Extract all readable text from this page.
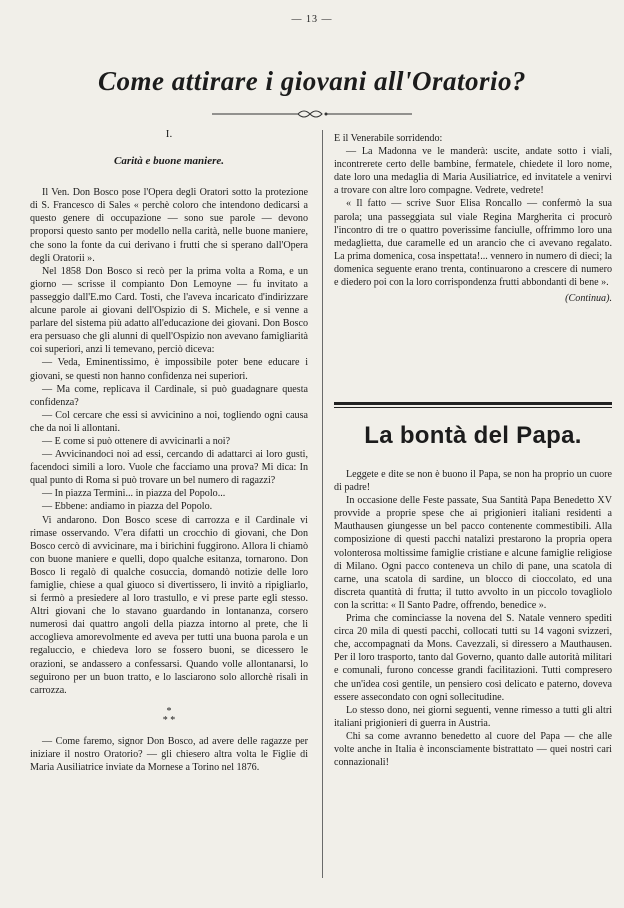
— 13 —
Come attirare i giovani all'Oratorio?
I.
Carità e buone maniere.

Il Ven. Don Bosco pose l'Opera degli Oratori sotto la protezione di S. Francesco di Sales « perchè coloro che intendono dedicarsi a questo genere di occupazione — sono sue parole — devono proporsi questo santo per modello nella carità, nelle buone maniere, che sono la fonte da cui derivano i frutti che si sperano dall'Opera degli Oratorii ».

Nel 1858 Don Bosco si recò per la prima volta a Roma, e un giorno — scrisse il compianto Don Lemoyne — fu invitato a passeggio dall'E.mo Card. Tosti, che l'aveva incaricato d'indirizzare alcune parole ai giovani dell'Ospizio di S. Michele, e si venne a parlare del sistema più adatto all'educazione dei giovani. Don Bosco era persuaso che gli alunni di quell'Ospizio non avevano famigliarità coi superiori, anzi li temevano, perciò diceva:

— Veda, Eminentissimo, è impossibile poter bene educare i giovani, se questi non hanno confidenza nei superiori.

— Ma come, replicava il Cardinale, si può guadagnare questa confidenza?

— Col cercare che essi si avvicinino a noi, togliendo ogni causa che da noi li allontani.

— E come si può ottenere di avvicinarli a noi?

— Avvicinandoci noi ad essi, cercando di adattarci ai loro gusti, facendoci simili a loro. Vuole che facciamo una prova? Mi dica: In qual punto di Roma si può trovare un bel numero di ragazzi?

— In piazza Termini... in piazza del Popolo...

— Ebbene: andiamo in piazza del Popolo.

Vi andarono. Don Bosco scese di carrozza e il Cardinale vi rimase osservando. V'era difatti un crocchio di giovani, che Don Bosco cercò di avvicinare, ma i birichini fuggirono. Allora li chiamò con buone maniere e quelli, dopo qualche esitanza, tornarono. Don Bosco li regalò di qualche cosuccia, domandò notizie delle loro famiglie, chiese a qual giuoco si divertissero, li invitò a ripigliarlo, si fermò a presiedere al loro trastullo, e vi prese parte egli stesso. Altri giovani che lo stavano guardando in lontananza, corsero numerosi dai quattro angoli della piazza intorno al prete, che li accoglieva amorevolmente ed aveva per tutti una buona parola e un regaluccio, e chiedeva loro se fossero buoni, se dicessero le orazioni, se andassero a confessarsi. Quando volle allontanarsi, lo seguirono per un buon tratto, e lo lasciarono solo allorchè risalì in carrozza.

*
* *

— Come faremo, signor Don Bosco, ad avere delle ragazze per iniziare il nostro Oratorio? — gli chiesero altra volta le Figlie di Maria Ausiliatrice inviate da Mornese a Torino nel 1876.

E il Venerabile sorridendo:

— La Madonna ve le manderà: uscite, andate sotto i viali, incontrerete certo delle bambine, fermatele, chiedete il loro nome, date loro una medaglia di Maria Ausiliatrice, ed invitatele a venirvi a trovare con altre loro compagne. Vedrete, vedrete!

« Il fatto — scrive Suor Elisa Roncallo — confermò la sua parola; una passeggiata sul viale Regina Margherita ci procurò l'incontro di tre o quattro poverissime fanciulle, offrimmo loro una medaglietta, due caramelle ed un arancio che ci avevano regalato. La prima domenica, cosa inspettata!... vennero in numero di dieci; la domenica seguente erano trenta, continuarono a crescere di numero e diedero poi con la loro corrispondenza frutti abbondanti di bene ».

(Continua).
La bontà del Papa.

Leggete e dite se non è buono il Papa, se non ha proprio un cuore di padre!

In occasione delle Feste passate, Sua Santità Papa Benedetto XV provvide a proprie spese che ai prigionieri italiani residenti a Mauthausen giungesse un bel pacco contenente commestibili. Alla composizione di questi pacchi natalizi prestarono la propria opera volonterosa moltissime famiglie cristiane e alcune famiglie religiose di Milano. Ogni pacco conteneva un chilo di pane, una scatola di carne, una scatola di sardine, un blocco di cioccolato, ed una discreta quantità di frutta; il tutto avvolto in un piccolo tovagliolo con la scritta: « Il Santo Padre, offrendo, benedice ».

Prima che cominciasse la novena del S. Natale vennero spediti circa 20 mila di questi pacchi, collocati tutti su 14 vagoni svizzeri, che, accompagnati da Mons. Cavezzali, si diressero a Mauthausen. Per il loro trasporto, tanto dal Governo, quanto dalle autorità militari e comunali, furono concesse grandi facilitazioni. Tutti compresero che un'idea così gentile, un pensiero così delicato e paterno, doveva essere assecondato con ogni sollecitudine.

Lo stesso dono, nei giorni seguenti, venne rimesso a tutti gli altri italiani prigionieri di guerra in Austria.

Chi sa come avranno benedetto al cuore del Papa — che alle volte anche in Italia è inconsciamente bistrattato — quei nostri cari connazionali!
